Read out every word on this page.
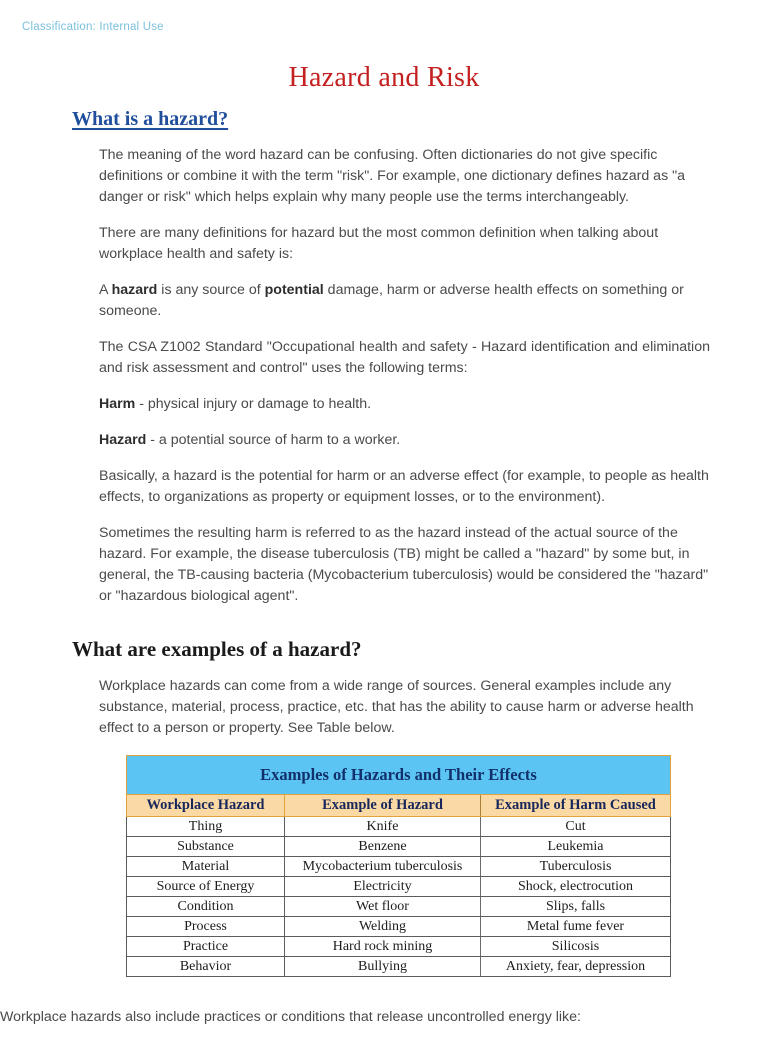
Classification: Internal Use
Hazard and Risk
What is a hazard?

The meaning of the word hazard can be confusing. Often dictionaries do not give specific definitions or combine it with the term "risk". For example, one dictionary defines hazard as "a danger or risk" which helps explain why many people use the terms interchangeably.

There are many definitions for hazard but the most common definition when talking about workplace health and safety is:

A hazard is any source of potential damage, harm or adverse health effects on something or someone.

The CSA Z1002 Standard "Occupational health and safety - Hazard identification and elimination and risk assessment and control" uses the following terms:

Harm - physical injury or damage to health.

Hazard - a potential source of harm to a worker.

Basically, a hazard is the potential for harm or an adverse effect (for example, to people as health effects, to organizations as property or equipment losses, or to the environment).

Sometimes the resulting harm is referred to as the hazard instead of the actual source of the hazard. For example, the disease tuberculosis (TB) might be called a "hazard" by some but, in general, the TB-causing bacteria (Mycobacterium tuberculosis) would be considered the "hazard" or "hazardous biological agent".

What are examples of a hazard?

Workplace hazards can come from a wide range of sources. General examples include any substance, material, process, practice, etc. that has the ability to cause harm or adverse health effect to a person or property. See Table below.

Examples of Hazards and Their Effects		
Workplace Hazard	Example of Hazard	Example of Harm Caused
Thing	Knife	Cut
Substance	Benzene	Leukemia
Material	Mycobacterium tuberculosis	Tuberculosis
Source of Energy	Electricity	Shock, electrocution
Condition	Wet floor	Slips, falls
Process	Welding	Metal fume fever
Practice	Hard rock mining	Silicosis
Behavior	Bullying	Anxiety, fear, depression

Workplace hazards also include practices or conditions that release uncontrolled energy like:
